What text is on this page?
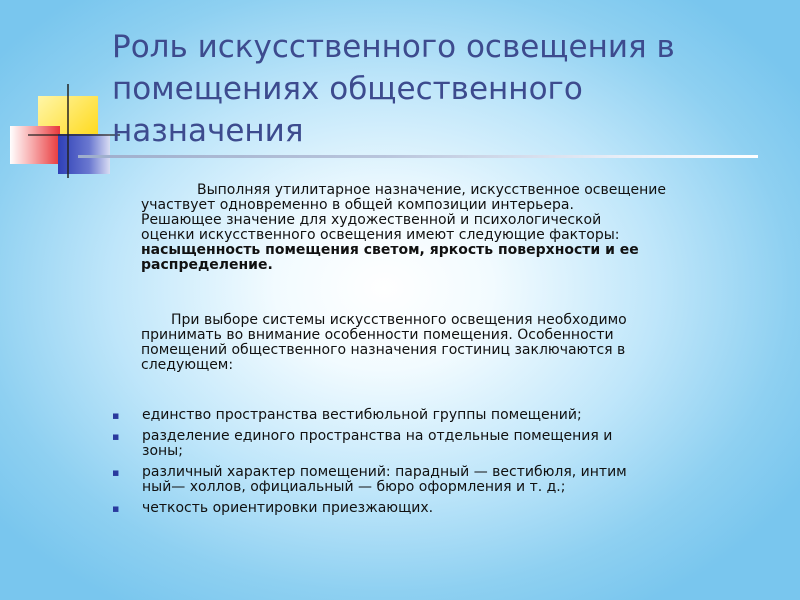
Роль искусственного освещения в
помещениях общественного
назначения

Выполняя утилитарное назначение, искусственное освещение
участвует одновременно в общей композиции интерьера.
Решающее значение для художественной и психологической
оценки искусственного освещения имеют следующие факторы:
насыщенность помещения светом, яркость поверхности и ее
распределение.

При выборе системы искусственного освещения необходимо
принимать во внимание особенности помещения. Особенности
помещений общественного назначения гостиниц заключаются в
следующем:

▪ единство пространства вестибюльной группы помещений;
▪ разделение единого пространства на отдельные помещения и
зоны;
▪ различный характер помещений: парадный — вестибюля, интим
ный— холлов, официальный — бюро оформления и т. д.;
▪ четкость ориентировки приезжающих.
